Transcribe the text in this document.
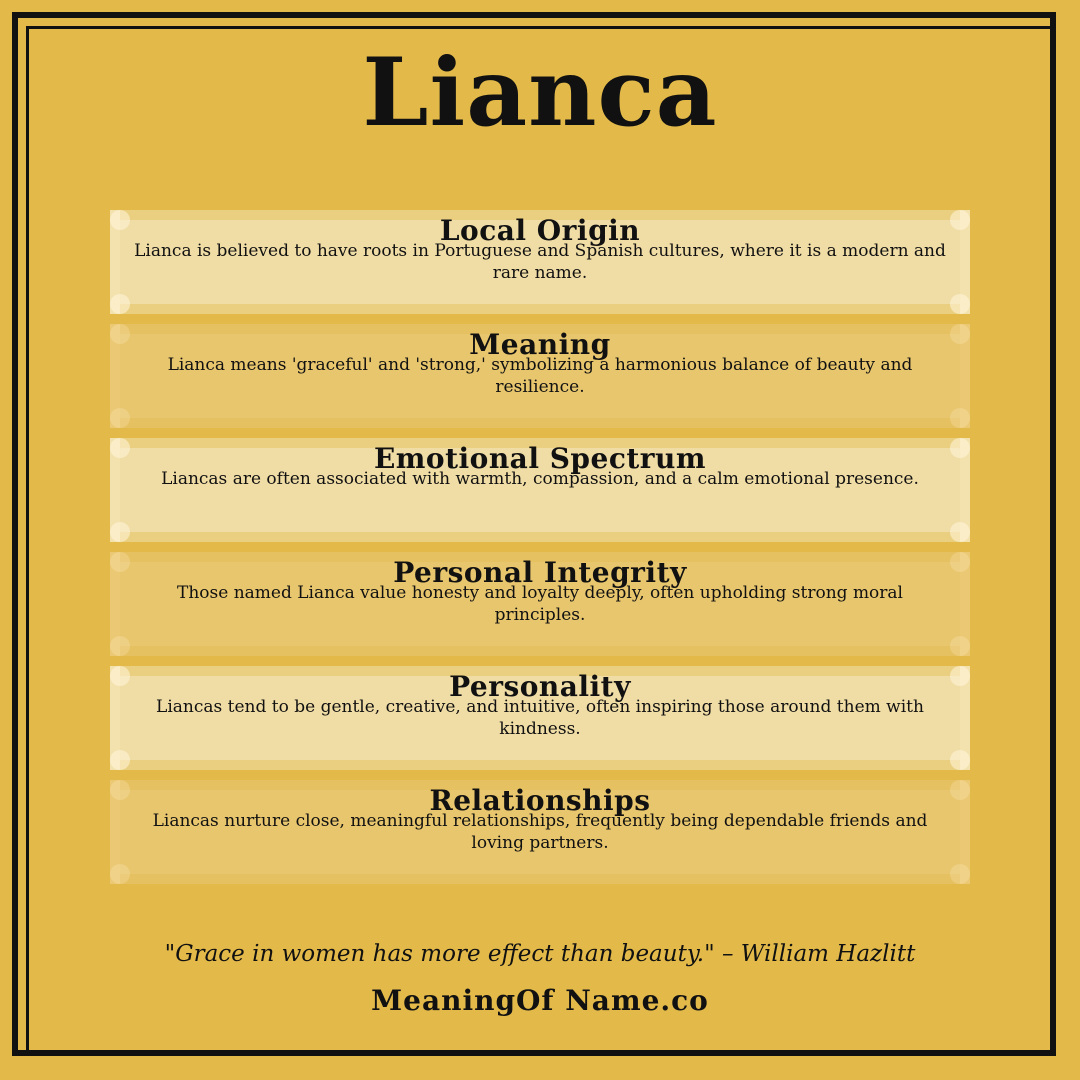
Lianca
Local Origin
Lianca is believed to have roots in Portuguese and Spanish cultures, where it is a modern and rare name.
Meaning
Lianca means 'graceful' and 'strong,' symbolizing a harmonious balance of beauty and resilience.
Emotional Spectrum
Liancas are often associated with warmth, compassion, and a calm emotional presence.
Personal Integrity
Those named Lianca value honesty and loyalty deeply, often upholding strong moral principles.
Personality
Liancas tend to be gentle, creative, and intuitive, often inspiring those around them with kindness.
Relationships
Liancas nurture close, meaningful relationships, frequently being dependable friends and loving partners.
"Grace in women has more effect than beauty." – William Hazlitt
MeaningOf Name.co
